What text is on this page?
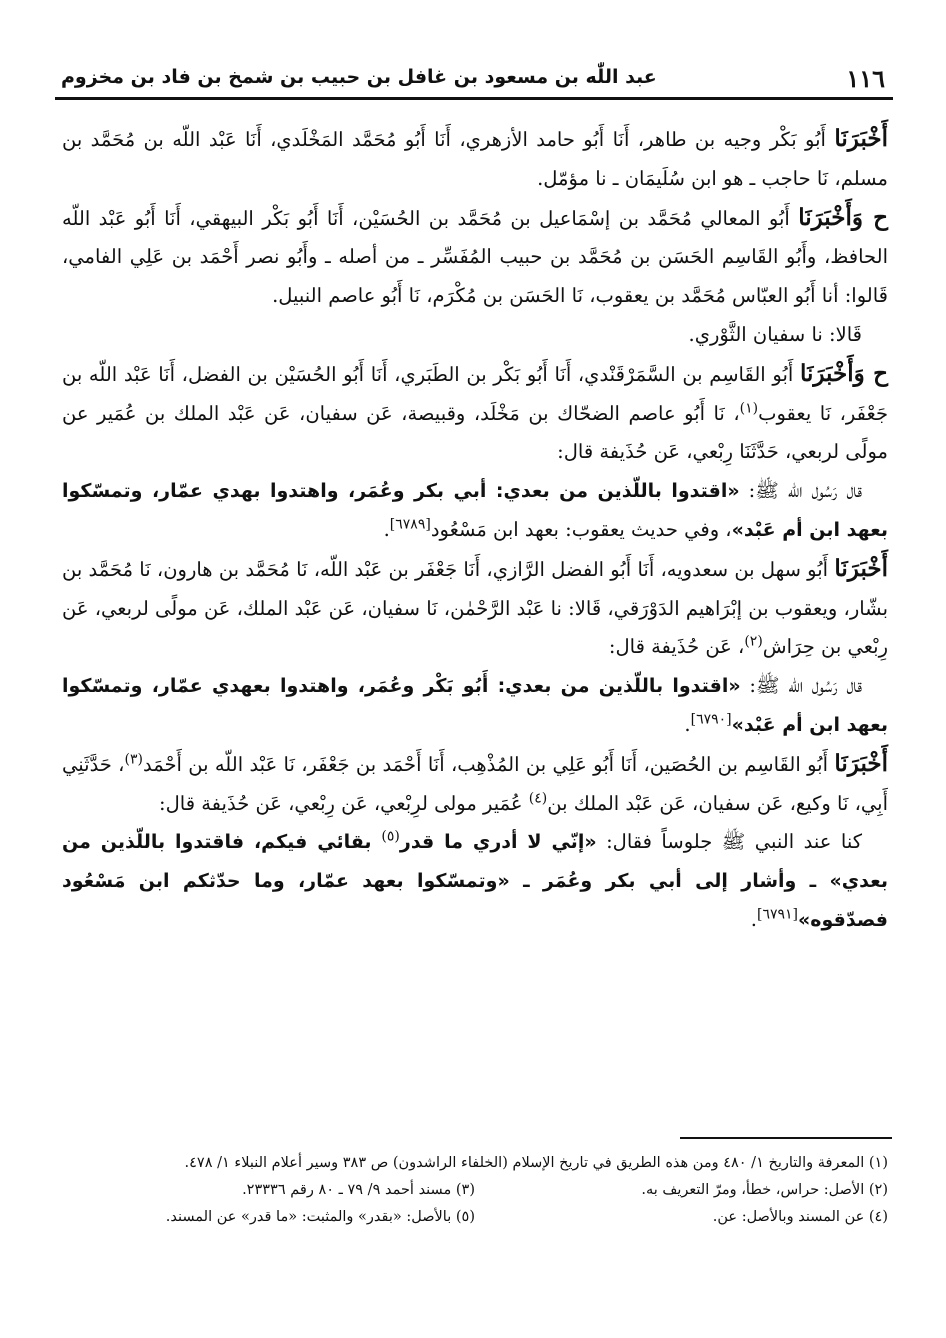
١١٦
عبد اللّٰه بن مسعود بن غافل بن حبيب بن شمخ بن فاد بن مخزوم

أَخْبَرَنَا أَبُو بَكْر وجيه بن طاهر، أَنَا أَبُو حامد الأزهري، أَنَا أَبُو مُحَمَّد المَخْلَدي، أَنَا عَبْد اللّه بن مُحَمَّد بن مسلم، نَا حاجب ـ هو ابن سُلَيمَان ـ نا مؤمّل.

ح وَأَخْبَرَنَا أَبُو المعالي مُحَمَّد بن إسْمَاعيل بن مُحَمَّد بن الحُسَيْن، أَنَا أَبُو بَكْر البيهقي، أَنَا أَبُو عَبْد اللّه الحافظ، وأَبُو القَاسِم الحَسَن بن مُحَمَّد بن حبيب المُفَسِّر ـ من أصله ـ وأَبُو نصر أَحْمَد بن عَلِي الفامي، قَالوا: أنا أَبُو العبّاس مُحَمَّد بن يعقوب، نَا الحَسَن بن مُكْرَم، نَا أَبُو عاصم النبيل.

قَالا: نا سفيان الثَّوْري.

ح وَأَخْبَرَنَا أَبُو القَاسِم بن السَّمَرْقَنْدي، أَنَا أَبُو بَكْر بن الطَبَري، أَنَا أَبُو الحُسَيْن بن الفضل، أَنَا عَبْد اللّه بن جَعْفَر، نَا يعقوب$^{(١)}$، نَا أَبُو عاصم الضحّاك بن مَخْلَد، وقبيصة، عَن سفيان، عَن عَبْد الملك بن عُمَير عن مولًى لربعي، حَدَّثَنَا رِبْعي، عَن حُذَيفة قال:

قال رَسُول اللّه ﷺ: «اقتدوا باللّذين من بعدي: أبي بكر وعُمَر، واهتدوا بهدي عمّار، وتمسّكوا بعهد ابن أم عَبْد»، وفي حديث يعقوب: بعهد ابن مَسْعُود[٦٧٨٩].

أَخْبَرَنَا أَبُو سهل بن سعدويه، أَنَا أَبُو الفضل الرَّازي، أَنَا جَعْفَر بن عَبْد اللّه، نَا مُحَمَّد بن هارون، نَا مُحَمَّد بن بشّار، ويعقوب بن إبْرَاهيم الدَوْرَقي، قَالا: نا عَبْد الرَّحْمٰن، نَا سفيان، عَن عَبْد الملك، عَن مولًى لربعي، عَن رِبْعي بن حِرَاش$^{(٢)}$، عَن حُذَيفة قال:

قال رَسُول اللّه ﷺ: «اقتدوا باللّذين من بعدي: أَبُو بَكْر وعُمَر، واهتدوا بعهدي عمّار، وتمسّكوا بعهد ابن أم عَبْد»[٦٧٩٠].

أَخْبَرَنَا أَبُو القَاسِم بن الحُصَين، أَنَا أَبُو عَلِي بن المُذْهِب، أَنَا أَحْمَد بن جَعْفَر، نَا عَبْد اللّه بن أَحْمَد$^{(٣)}$، حَدَّثَنِي أَبِي، نَا وكيع، عَن سفيان، عَن عَبْد الملك بن$^{(٤)}$ عُمَير مولى لرِبْعي، عَن رِبْعي، عَن حُذَيفة قال:

كنا عند النبي ﷺ جلوساً فقال: «إنّي لا أدري ما قدر$^{(٥)}$ بقائي فيكم، فاقتدوا باللّذين من بعدي» ـ وأشار إلى أبي بكر وعُمَر ـ «وتمسّكوا بعهد عمّار، وما حدّثكم ابن مَسْعُود فصدّقوه»[٦٧٩١].

(١) المعرفة والتاريخ ١/ ٤٨٠ ومن هذه الطريق في تاريخ الإسلام (الخلفاء الراشدون) ص ٣٨٣ وسير أعلام النبلاء ١/ ٤٧٨.

(٢) الأصل: حراس، خطأ، ومرّ التعريف به.

(٣) مسند أحمد ٩/ ٧٩ ـ ٨٠ رقم ٢٣٣٣٦.

(٤) عن المسند وبالأصل: عن.

(٥) بالأصل: «بقدر» والمثبت: «ما قدر» عن المسند.
